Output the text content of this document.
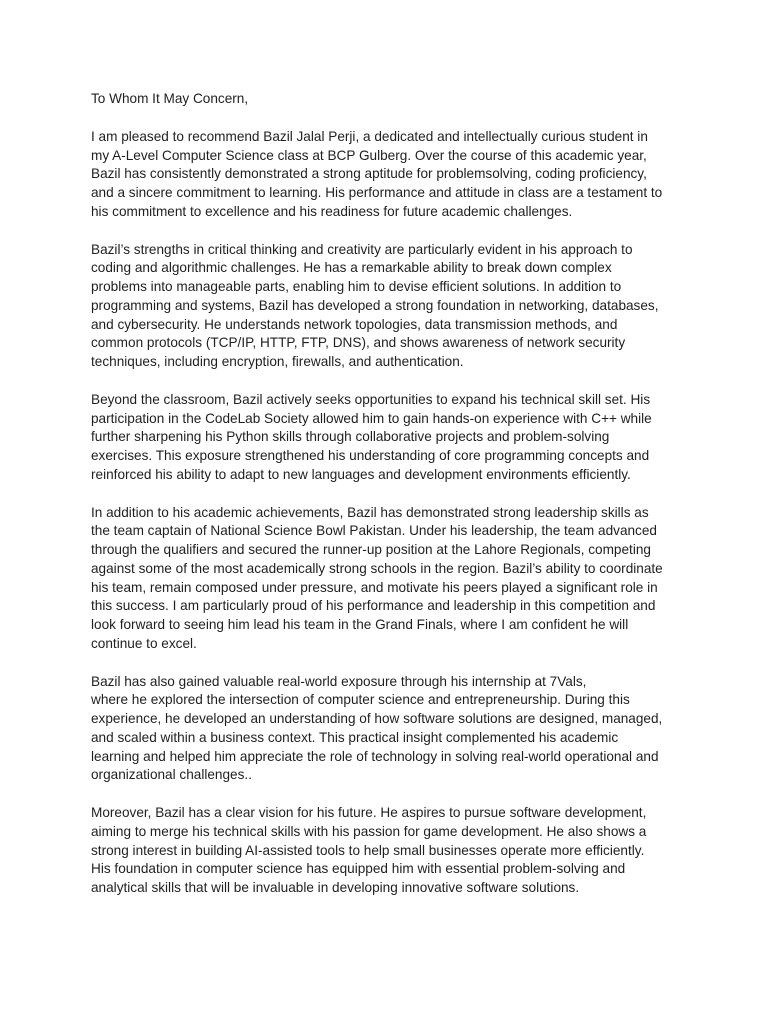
To Whom It May Concern,

I am pleased to recommend Bazil Jalal Perji, a dedicated and intellectually curious student in
my A-Level Computer Science class at BCP Gulberg. Over the course of this academic year,
Bazil has consistently demonstrated a strong aptitude for problemsolving, coding proficiency,
and a sincere commitment to learning. His performance and attitude in class are a testament to
his commitment to excellence and his readiness for future academic challenges.

Bazil’s strengths in critical thinking and creativity are particularly evident in his approach to
coding and algorithmic challenges. He has a remarkable ability to break down complex
problems into manageable parts, enabling him to devise efficient solutions. In addition to
programming and systems, Bazil has developed a strong foundation in networking, databases,
and cybersecurity. He understands network topologies, data transmission methods, and
common protocols (TCP/IP, HTTP, FTP, DNS), and shows awareness of network security
techniques, including encryption, firewalls, and authentication.

Beyond the classroom, Bazil actively seeks opportunities to expand his technical skill set. His
participation in the CodeLab Society allowed him to gain hands-on experience with C++ while
further sharpening his Python skills through collaborative projects and problem-solving
exercises. This exposure strengthened his understanding of core programming concepts and
reinforced his ability to adapt to new languages and development environments efficiently.

In addition to his academic achievements, Bazil has demonstrated strong leadership skills as
the team captain of National Science Bowl Pakistan. Under his leadership, the team advanced
through the qualifiers and secured the runner-up position at the Lahore Regionals, competing
against some of the most academically strong schools in the region. Bazil’s ability to coordinate
his team, remain composed under pressure, and motivate his peers played a significant role in
this success. I am particularly proud of his performance and leadership in this competition and
look forward to seeing him lead his team in the Grand Finals, where I am confident he will
continue to excel.

Bazil has also gained valuable real-world exposure through his internship at 7Vals,
where he explored the intersection of computer science and entrepreneurship. During this
experience, he developed an understanding of how software solutions are designed, managed,
and scaled within a business context. This practical insight complemented his academic
learning and helped him appreciate the role of technology in solving real-world operational and
organizational challenges..

Moreover, Bazil has a clear vision for his future. He aspires to pursue software development,
aiming to merge his technical skills with his passion for game development. He also shows a
strong interest in building AI-assisted tools to help small businesses operate more efficiently.
His foundation in computer science has equipped him with essential problem-solving and
analytical skills that will be invaluable in developing innovative software solutions.
